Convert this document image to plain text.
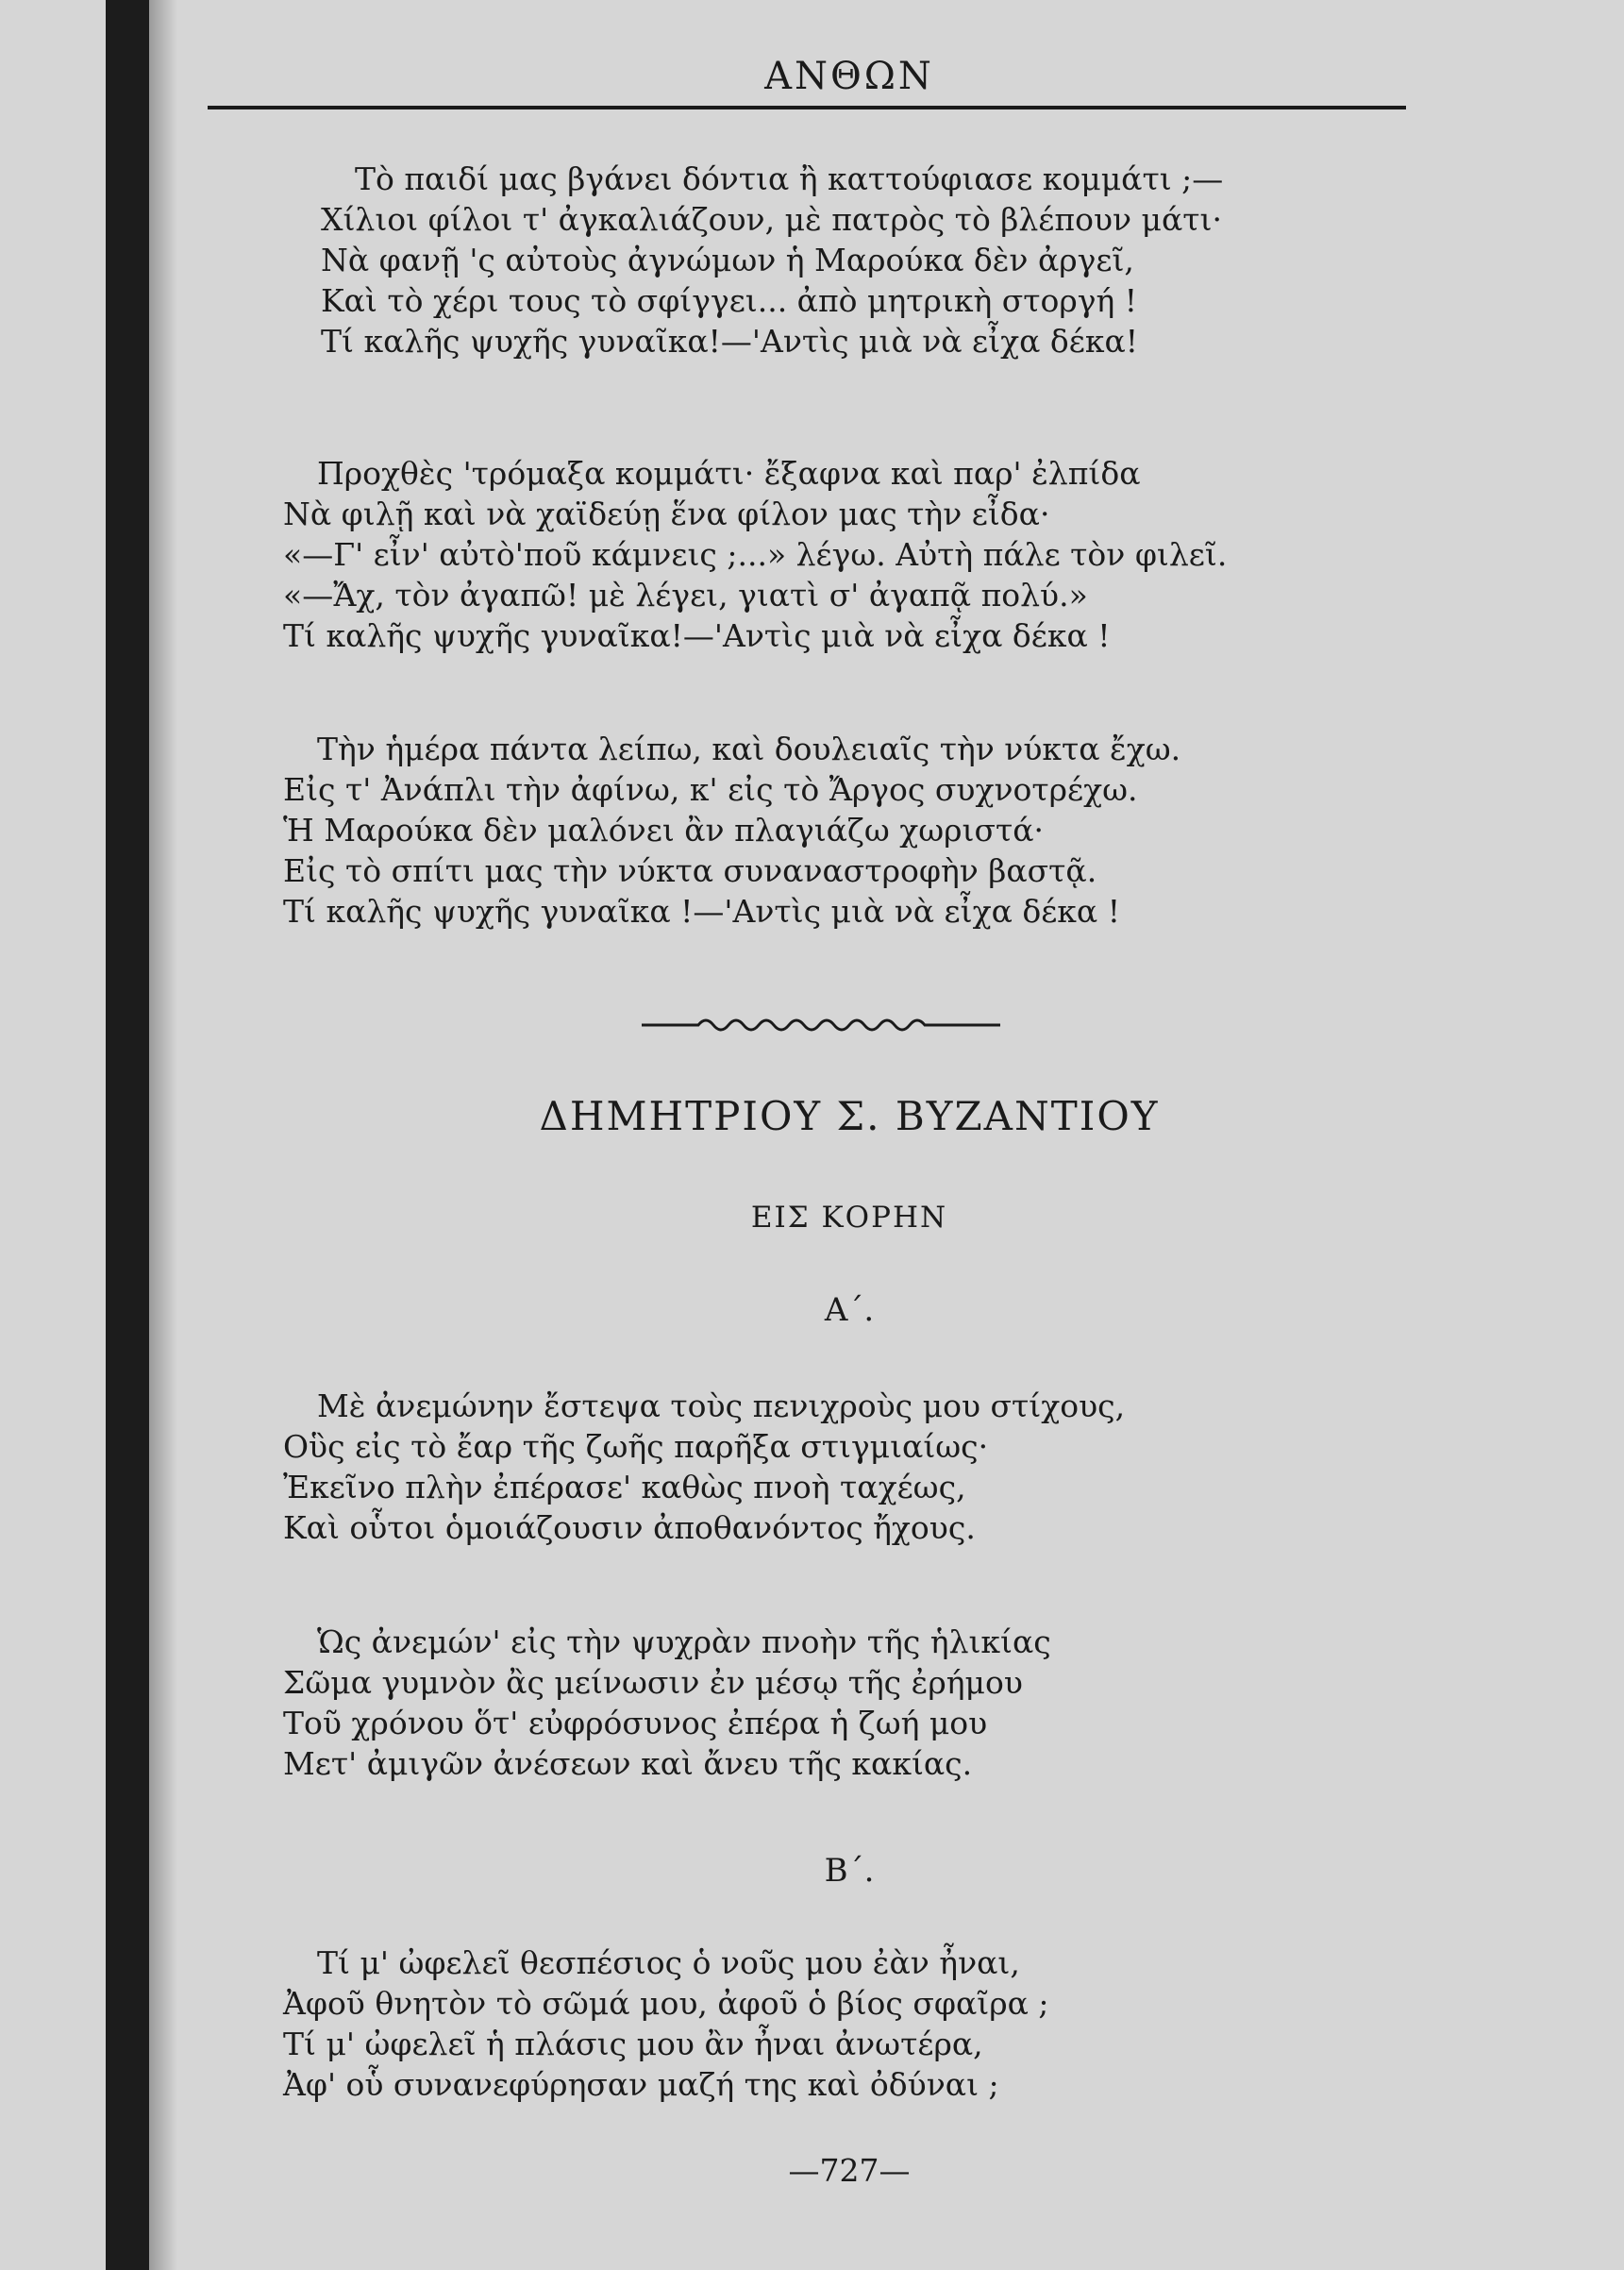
ΑΝΘΩΝ
Τὸ παιδί μας βγάνει δόντια ἢ καττούφιασε κομμάτι ;—
Χίλιοι φίλοι τ' ἀγκαλιάζουν, μὲ πατρὸς τὸ βλέπουν μάτι·
Νὰ φανῇ 'ς αὐτοὺς ἀγνώμων ἡ Μαρούκα δὲν ἀργεῖ,
Καὶ τὸ χέρι τους τὸ σφίγγει... ἀπὸ μητρικὴ στοργή !
Τί καλῆς ψυχῆς γυναῖκα!—'Αντὶς μιὰ νὰ εἶχα δέκα!
Προχθὲς 'τρόμαξα κομμάτι· ἔξαφνα καὶ παρ' ἐλπίδα
Νὰ φιλῇ καὶ νὰ χαϊδεύῃ ἕνα φίλον μας τὴν εἶδα·
«—Γ' εἶν' αὐτὸ'ποῦ κάμνεις ;...» λέγω. Αὐτὴ πάλε τὸν φιλεῖ.
«—Ἄχ, τὸν ἀγαπῶ! μὲ λέγει, γιατὶ σ' ἀγαπᾷ πολύ.»
Τί καλῆς ψυχῆς γυναῖκα!—'Αντὶς μιὰ νὰ εἶχα δέκα !
Τὴν ἡμέρα πάντα λείπω, καὶ δουλειαῖς τὴν νύκτα ἔχω.
Εἰς τ' Ἀνάπλι τὴν ἀφίνω, κ' εἰς τὸ Ἄργος συχνοτρέχω.
Ἡ Μαρούκα δὲν μαλόνει ἂν πλαγιάζω χωριστά·
Εἰς τὸ σπίτι μας τὴν νύκτα συναναστροφὴν βαστᾷ.
Τί καλῆς ψυχῆς γυναῖκα !—'Αντὶς μιὰ νὰ εἶχα δέκα !
ΔΗΜΗΤΡΙΟΥ Σ. ΒΥΖΑΝΤΙΟΥ
ΕΙΣ ΚΟΡΗΝ
Α΄.
Μὲ ἀνεμώνην ἔστεψα τοὺς πενιχροὺς μου στίχους,
Οὓς εἰς τὸ ἔαρ τῆς ζωῆς παρῆξα στιγμιαίως·
Ἐκεῖνο πλὴν ἐπέρασε' καθὼς πνοὴ ταχέως,
Καὶ οὗτοι ὁμοιάζουσιν ἀποθανόντος ἤχους.
Ὡς ἀνεμών' εἰς τὴν ψυχρὰν πνοὴν τῆς ἡλικίας
Σῶμα γυμνὸν ἂς μείνωσιν ἐν μέσῳ τῆς ἐρήμου
Τοῦ χρόνου ὅτ' εὐφρόσυνος ἐπέρα ἡ ζωή μου
Μετ' ἀμιγῶν ἀνέσεων καὶ ἄνευ τῆς κακίας.
Β΄.
Τί μ' ὠφελεῖ θεσπέσιος ὁ νοῦς μου ἐὰν ἦναι,
Ἀφοῦ θνητὸν τὸ σῶμά μου, ἀφοῦ ὁ βίος σφαῖρα ;
Τί μ' ὠφελεῖ ἡ πλάσις μου ἂν ἦναι ἀνωτέρα,
Ἀφ' οὗ συνανεφύρησαν μαζή της καὶ ὀδύναι ;
—727—
